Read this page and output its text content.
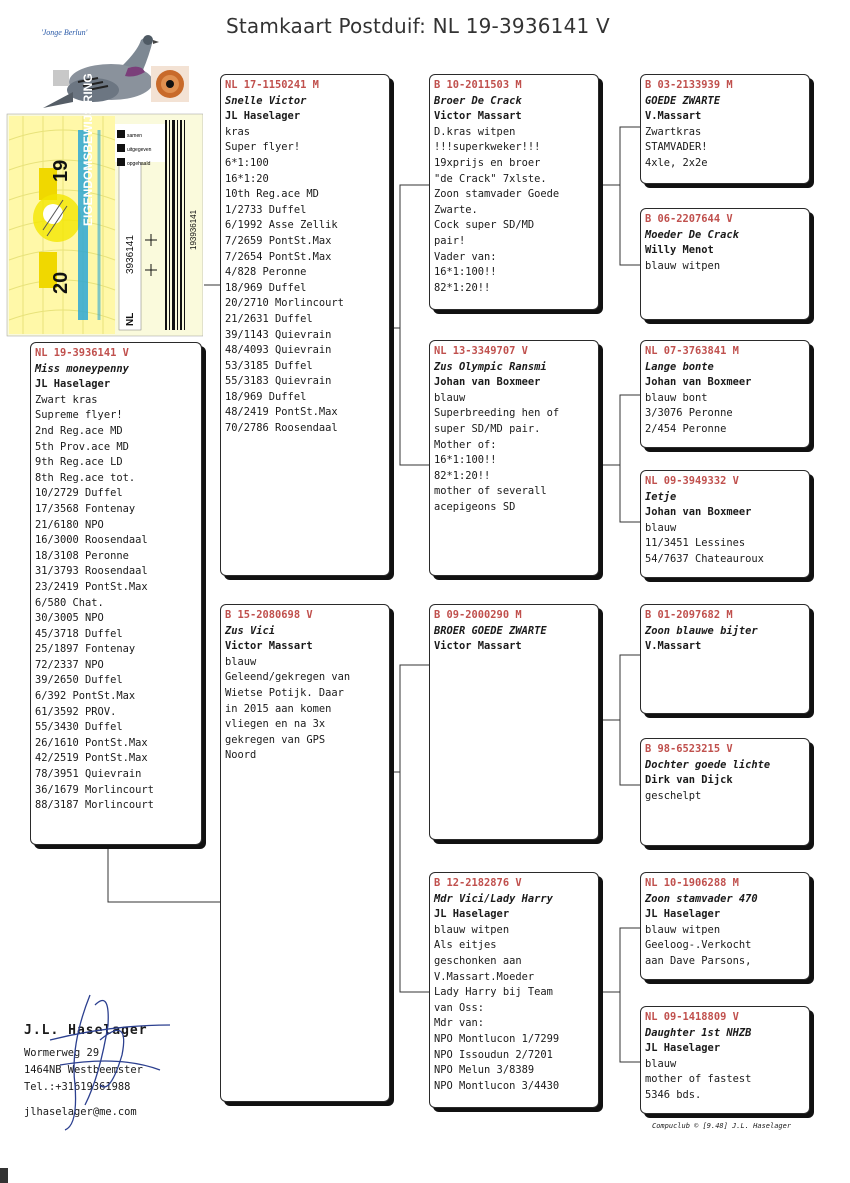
Stamkaart Postduif: NL 19-3936141 V
samen
uitgegeven
opgehaald
'Jonge Berlun'
EIGENDOMSBEWIJS RING
19
20
3936141
NL
193936141
NL 19-3936141 V
Miss moneypenny
JL Haselager
Zwart kras
Supreme flyer!
2nd Reg.ace MD
5th Prov.ace MD
9th Reg.ace LD
8th Reg.ace tot.
10/2729 Duffel
17/3568 Fontenay
21/6180 NPO
16/3000 Roosendaal
18/3108 Peronne
31/3793 Roosendaal
23/2419 PontSt.Max
6/580 Chat.
30/3005 NPO
45/3718 Duffel
25/1897 Fontenay
72/2337 NPO
39/2650 Duffel
6/392 PontSt.Max
61/3592 PROV.
55/3430 Duffel
26/1610 PontSt.Max
42/2519 PontSt.Max
78/3951 Quievrain
36/1679 Morlincourt
88/3187 Morlincourt
NL 17-1150241 M
Snelle Victor
JL Haselager
kras
Super flyer!
6*1:100
16*1:20
10th Reg.ace MD
1/2733 Duffel
6/1992 Asse Zellik
7/2659 PontSt.Max
7/2654 PontSt.Max
4/828 Peronne
18/969 Duffel
20/2710 Morlincourt
21/2631 Duffel
39/1143 Quievrain
48/4093 Quievrain
53/3185 Duffel
55/3183 Quievrain
18/969 Duffel
48/2419 PontSt.Max
70/2786 Roosendaal
B 15-2080698 V
Zus Vici
Victor Massart
blauw
Geleend/gekregen van
Wietse Potijk. Daar
in 2015 aan komen
vliegen en na 3x
gekregen van GPS
Noord
B 10-2011503 M
Broer De Crack
Victor Massart
D.kras witpen
!!!superkweker!!!
19xprijs en broer
"de Crack" 7xlste.
Zoon stamvader Goede
Zwarte.
Cock super SD/MD
pair!
Vader van:
16*1:100!!
82*1:20!!
NL 13-3349707 V
Zus Olympic Ransmi
Johan van Boxmeer
blauw
Superbreeding hen of
super SD/MD pair.
Mother of:
16*1:100!!
82*1:20!!
mother of severall
acepigeons SD
B 09-2000290 M
BROER GOEDE ZWARTE
Victor Massart
B 12-2182876 V
Mdr Vici/Lady Harry
JL Haselager
blauw witpen
Als eitjes
geschonken aan
V.Massart.Moeder
Lady Harry bij Team
van Oss:
Mdr van:
NPO Montlucon 1/7299
NPO Issoudun 2/7201
NPO Melun 3/8389
NPO Montlucon 3/4430
B 03-2133939 M
GOEDE ZWARTE
V.Massart
Zwartkras
STAMVADER!
4xle, 2x2e
B 06-2207644 V
Moeder De Crack
Willy Menot
blauw witpen
NL 07-3763841 M
Lange bonte
Johan van Boxmeer
blauw bont
3/3076 Peronne
2/454 Peronne
NL 09-3949332 V
Ietje
Johan van Boxmeer
blauw
11/3451 Lessines
54/7637 Chateauroux
B 01-2097682 M
Zoon blauwe bijter
V.Massart
B 98-6523215 V
Dochter goede lichte
Dirk van Dijck
geschelpt
NL 10-1906288 M
Zoon stamvader 470
JL Haselager
blauw witpen
Geeloog-.Verkocht
aan Dave Parsons,
NL 09-1418809 V
Daughter 1st NHZB
JL Haselager
blauw
mother of fastest
5346 bds.
J.L. Haselager
Wormerweg 29
1464NB Westbeemster
Tel.:+31619361988
jlhaselager@me.com
Compuclub © [9.48] J.L. Haselager
